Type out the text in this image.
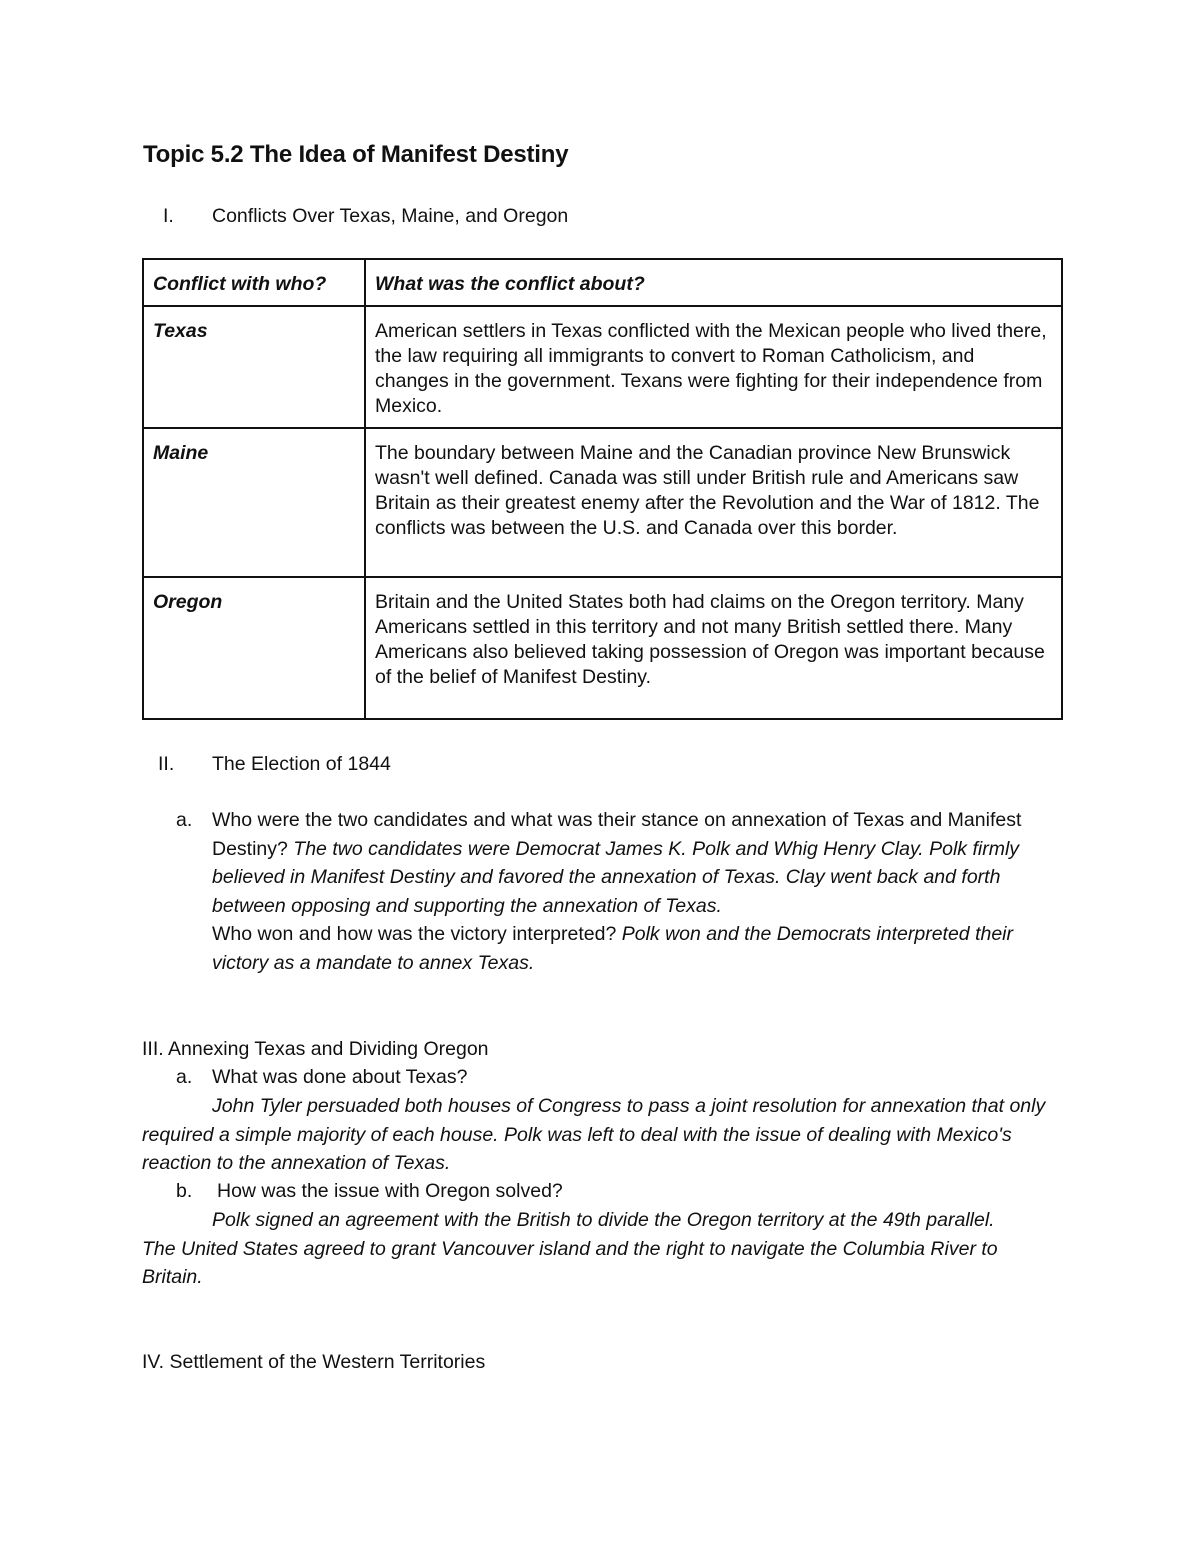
Topic 5.2 The Idea of Manifest Destiny
I. Conflicts Over Texas, Maine, and Oregon
Conflict with who?	What was the conflict about?
Texas	American settlers in Texas conflicted with the Mexican people who lived there, the law requiring all immigrants to convert to Roman Catholicism, and changes in the government. Texans were fighting for their independence from Mexico.
Maine	The boundary between Maine and the Canadian province New Brunswick wasn't well defined. Canada was still under British rule and Americans saw Britain as their greatest enemy after the Revolution and the War of 1812. The conflicts was between the U.S. and Canada over this border.
Oregon	Britain and the United States both had claims on the Oregon territory. Many Americans settled in this territory and not many British settled there. Many Americans also believed taking possession of Oregon was important because of the belief of Manifest Destiny.
II. The Election of 1844
a. Who were the two candidates and what was their stance on annexation of Texas and Manifest Destiny? The two candidates were Democrat James K. Polk and Whig Henry Clay. Polk firmly believed in Manifest Destiny and favored the annexation of Texas. Clay went back and forth between opposing and supporting the annexation of Texas.
Who won and how was the victory interpreted? Polk won and the Democrats interpreted their victory as a mandate to annex Texas.
III. Annexing Texas and Dividing Oregon
a. What was done about Texas?
John Tyler persuaded both houses of Congress to pass a joint resolution for annexation that only required a simple majority of each house. Polk was left to deal with the issue of dealing with Mexico's reaction to the annexation of Texas.
b. How was the issue with Oregon solved?
Polk signed an agreement with the British to divide the Oregon territory at the 49th parallel. The United States agreed to grant Vancouver island and the right to navigate the Columbia River to Britain.
IV. Settlement of the Western Territories
